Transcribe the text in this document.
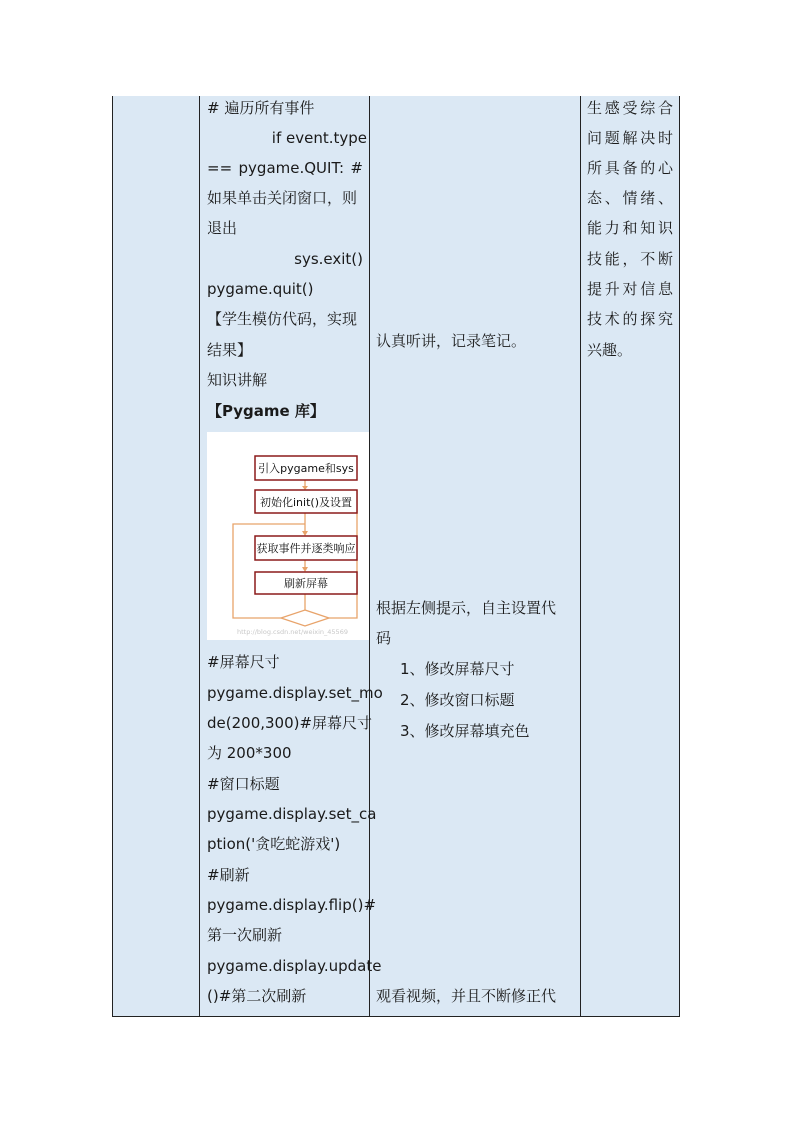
# 遍历所有事件
if event.type
== pygame.QUIT: #
如果单击关闭窗口，则
退出
sys.exit()
pygame.quit()
【学生模仿代码，实现
结果】
知识讲解
【Pygame 库】
#屏幕尺寸
pygame.display.set_mo
de(200,300)#屏幕尺寸
为 200*300
#窗口标题
pygame.display.set_ca
ption('贪吃蛇游戏')
#刷新
pygame.display.flip()#
第一次刷新
pygame.display.update
()#第二次刷新
引入pygame和sys
初始化init()及设置
获取事件并逐类响应
刷新屏幕
http://blog.csdn.net/weixin_45569
认真听讲，记录笔记。
根据左侧提示，自主设置代
码
1、修改屏幕尺寸
2、修改窗口标题
3、修改屏幕填充色
观看视频，并且不断修正代
生感受综合
问题解决时
所具备的心
态、情绪、
能力和知识
技能，不断
提升对信息
技术的探究
兴趣。
